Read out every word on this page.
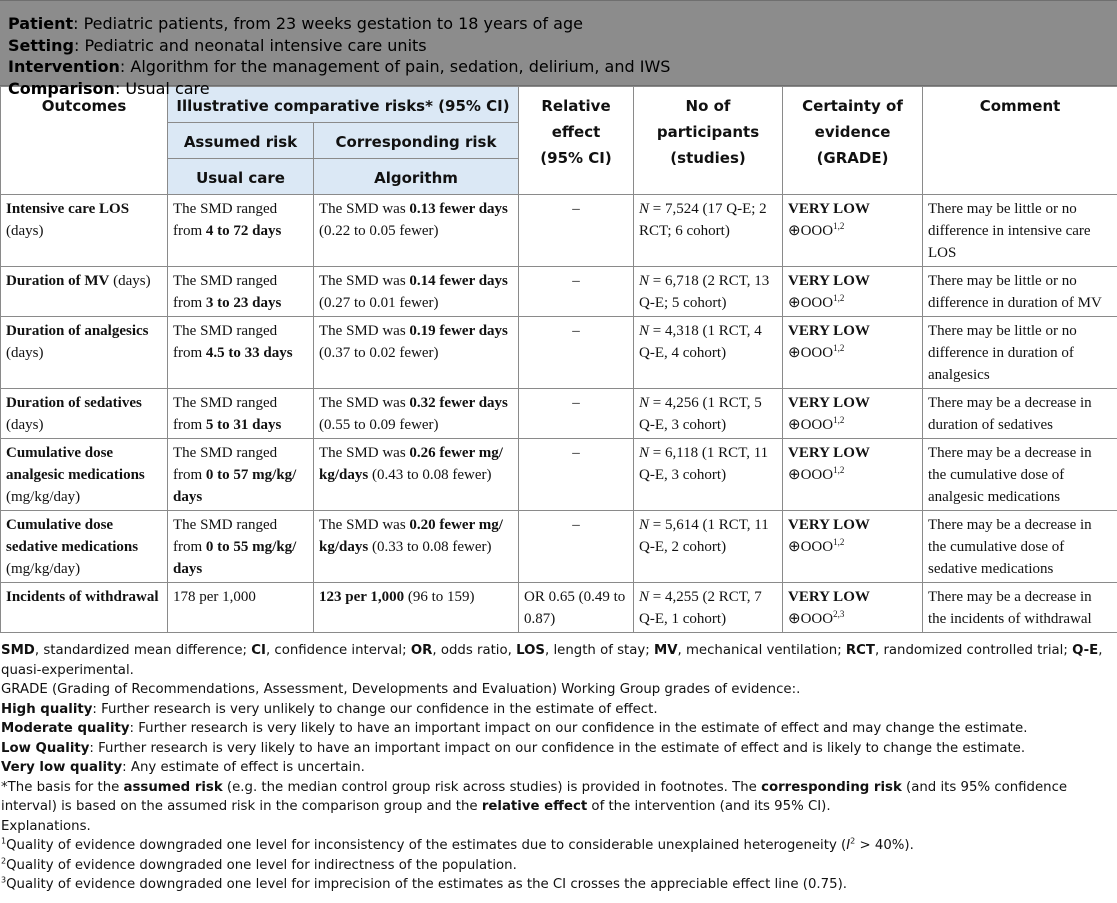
Patient: Pediatric patients, from 23 weeks gestation to 18 years of age
Setting: Pediatric and neonatal intensive care units
Intervention: Algorithm for the management of pain, sedation, delirium, and IWS
Comparison: Usual care
Outcomes	Illustrative comparative risks* (95% CI)		Relative
effect
(95% CI)	No of
participants
(studies)	Certainty of
evidence
(GRADE)	Comment
	Assumed risk	Corresponding risk				
	Usual care	Algorithm				
Intensive care LOS (days)	The SMD ranged from 4 to 72 days	The SMD was 0.13 fewer days (0.22 to 0.05 fewer)	–	N = 7,524 (17 Q-E; 2 RCT; 6 cohort)	VERY LOW
⊕OOO$^{1,2}$	There may be little or no difference in intensive care LOS
Duration of MV (days)	The SMD ranged from 3 to 23 days	The SMD was 0.14 fewer days (0.27 to 0.01 fewer)	–	N = 6,718 (2 RCT, 13 Q-E; 5 cohort)	VERY LOW
⊕OOO$^{1,2}$	There may be little or no difference in duration of MV
Duration of analgesics (days)	The SMD ranged from 4.5 to 33 days	The SMD was 0.19 fewer days (0.37 to 0.02 fewer)	–	N = 4,318 (1 RCT, 4 Q-E, 4 cohort)	VERY LOW
⊕OOO$^{1,2}$	There may be little or no difference in duration of analgesics
Duration of sedatives (days)	The SMD ranged from 5 to 31 days	The SMD was 0.32 fewer days (0.55 to 0.09 fewer)	–	N = 4,256 (1 RCT, 5 Q-E, 3 cohort)	VERY LOW
⊕OOO$^{1,2}$	There may be a decrease in duration of sedatives
Cumulative dose analgesic medications (mg/kg/day)	The SMD ranged from 0 to 57 mg/kg/ days	The SMD was 0.26 fewer mg/ kg/days (0.43 to 0.08 fewer)	–	N = 6,118 (1 RCT, 11 Q-E, 3 cohort)	VERY LOW
⊕OOO$^{1,2}$	There may be a decrease in the cumulative dose of analgesic medications
Cumulative dose sedative medications (mg/kg/day)	The SMD ranged from 0 to 55 mg/kg/ days	The SMD was 0.20 fewer mg/ kg/days (0.33 to 0.08 fewer)	–	N = 5,614 (1 RCT, 11 Q-E, 2 cohort)	VERY LOW
⊕OOO$^{1,2}$	There may be a decrease in the cumulative dose of sedative medications
Incidents of withdrawal	178 per 1,000	123 per 1,000 (96 to 159)	OR 0.65 (0.49 to 0.87)	N = 4,255 (2 RCT, 7 Q-E, 1 cohort)	VERY LOW
⊕OOO$^{2,3}$	There may be a decrease in the incidents of withdrawal

SMD, standardized mean difference; CI, confidence interval; OR, odds ratio, LOS, length of stay; MV, mechanical ventilation; RCT, randomized controlled trial; Q-E, quasi-experimental.

GRADE (Grading of Recommendations, Assessment, Developments and Evaluation) Working Group grades of evidence:.

High quality: Further research is very unlikely to change our confidence in the estimate of effect.

Moderate quality: Further research is very likely to have an important impact on our confidence in the estimate of effect and may change the estimate.

Low Quality: Further research is very likely to have an important impact on our confidence in the estimate of effect and is likely to change the estimate.

Very low quality: Any estimate of effect is uncertain.

*The basis for the assumed risk (e.g. the median control group risk across studies) is provided in footnotes. The corresponding risk (and its 95% confidence interval) is based on the assumed risk in the comparison group and the relative effect of the intervention (and its 95% CI).

Explanations.

$^1$Quality of evidence downgraded one level for inconsistency of the estimates due to considerable unexplained heterogeneity $(I^2 > 40\%)$.

$^2$Quality of evidence downgraded one level for indirectness of the population.

$^3$Quality of evidence downgraded one level for imprecision of the estimates as the CI crosses the appreciable effect line (0.75).
